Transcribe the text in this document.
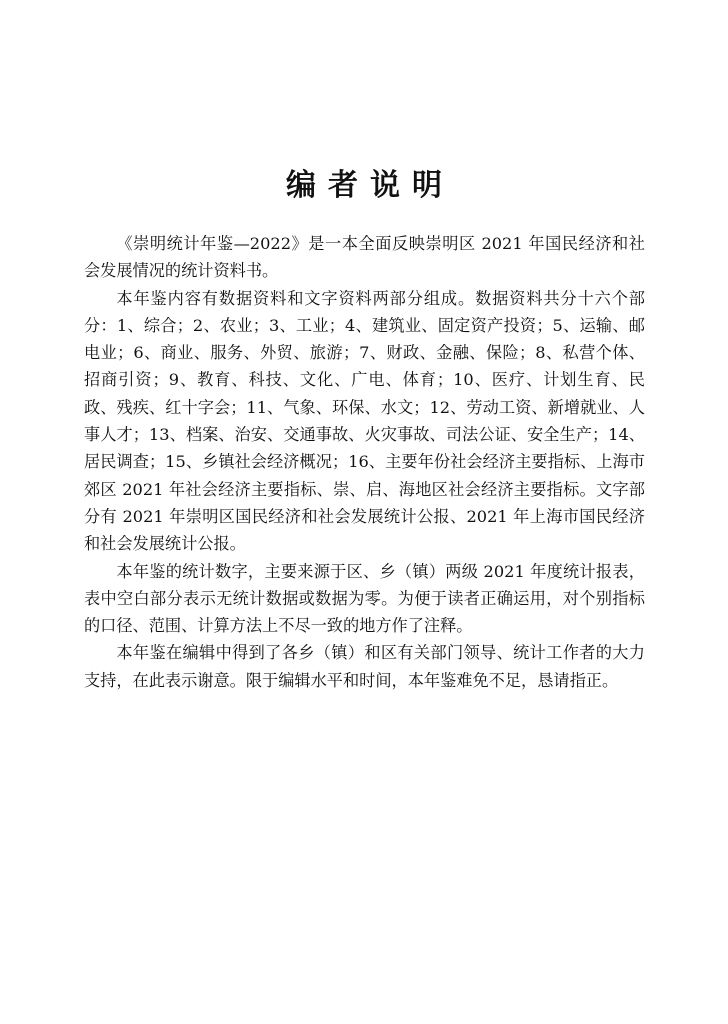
编者说明

《崇明统计年鉴—2022》是一本全面反映崇明区 2021 年国民经济和社会发展情况的统计资料书。

本年鉴内容有数据资料和文字资料两部分组成。数据资料共分十六个部分：1、综合；2、农业；3、工业；4、建筑业、固定资产投资；5、运输、邮电业；6、商业、服务、外贸、旅游；7、财政、金融、保险；8、私营个体、招商引资；9、教育、科技、文化、广电、体育；10、医疗、计划生育、民政、残疾、红十字会；11、气象、环保、水文；12、劳动工资、新增就业、人事人才；13、档案、治安、交通事故、火灾事故、司法公证、安全生产；14、居民调查；15、乡镇社会经济概况；16、主要年份社会经济主要指标、上海市郊区 2021 年社会经济主要指标、崇、启、海地区社会经济主要指标。文字部分有 2021 年崇明区国民经济和社会发展统计公报、2021 年上海市国民经济和社会发展统计公报。

本年鉴的统计数字，主要来源于区、乡（镇）两级 2021 年度统计报表，表中空白部分表示无统计数据或数据为零。为便于读者正确运用，对个别指标的口径、范围、计算方法上不尽一致的地方作了注释。

本年鉴在编辑中得到了各乡（镇）和区有关部门领导、统计工作者的大力支持，在此表示谢意。限于编辑水平和时间，本年鉴难免不足，恳请指正。
